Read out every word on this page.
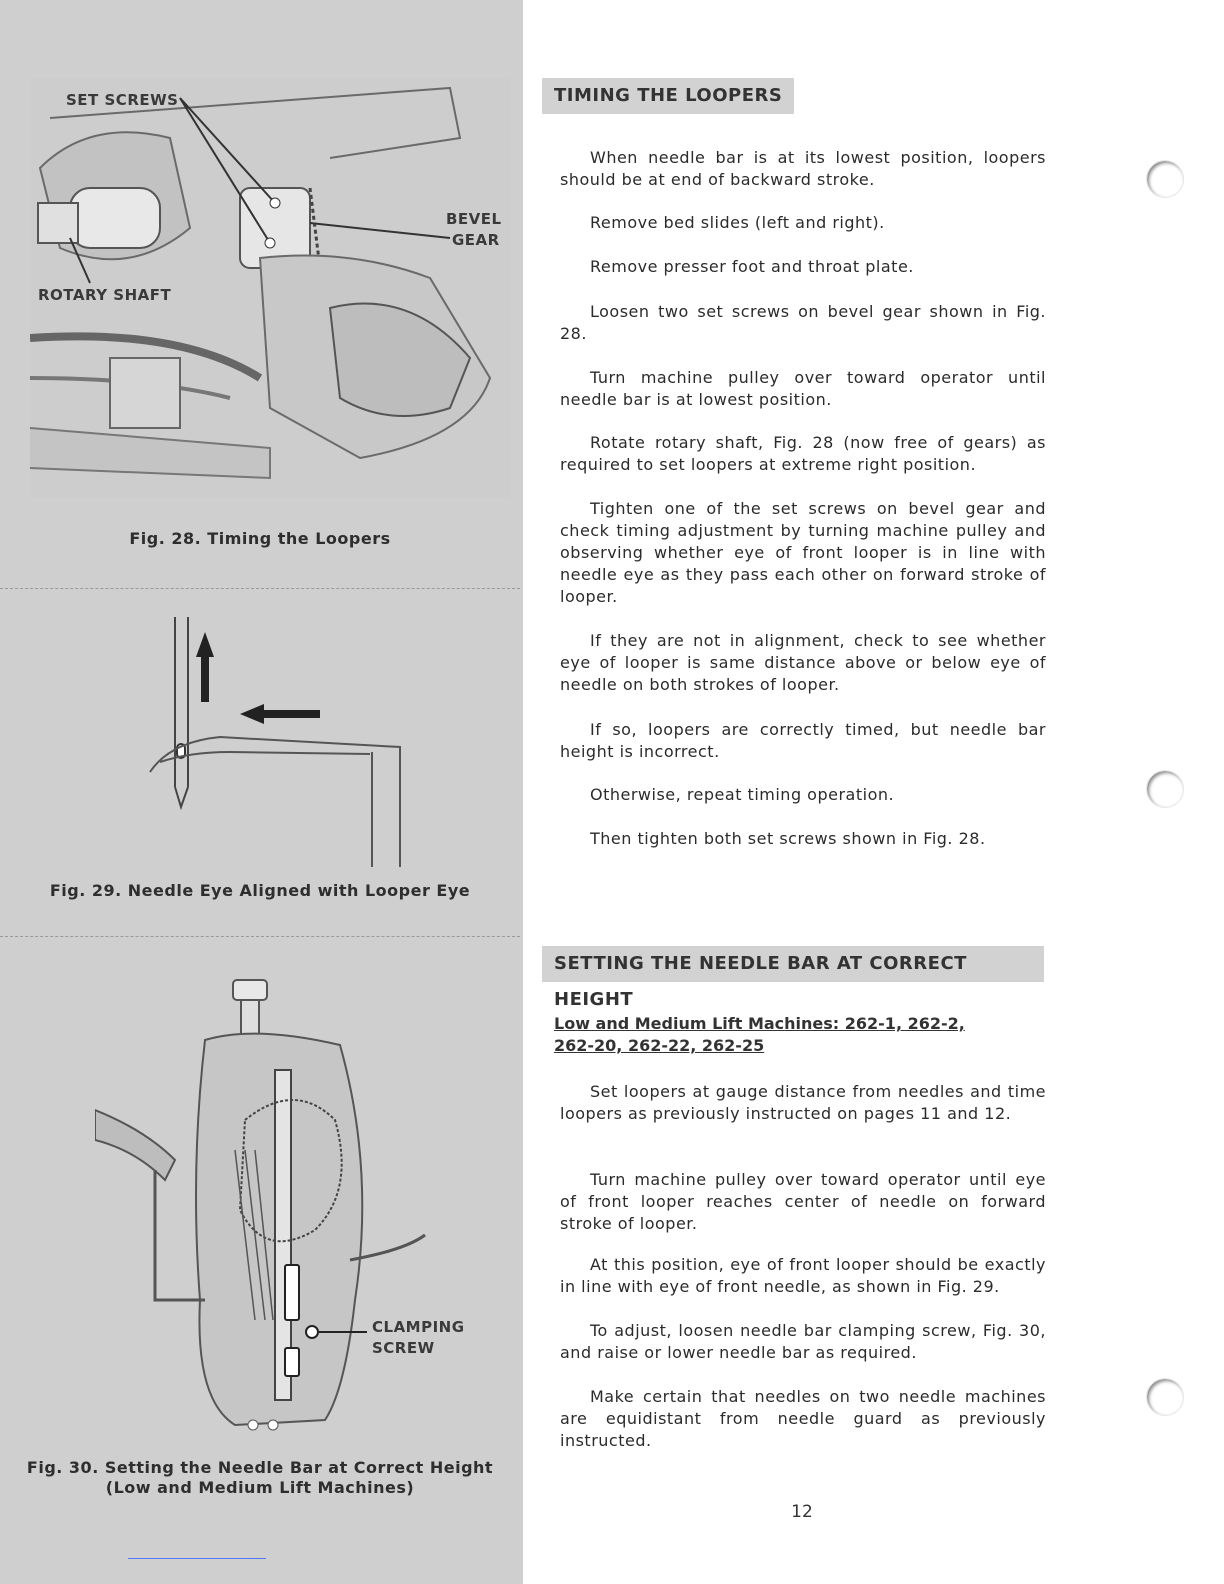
SET SCREWS
BEVEL
GEAR
ROTARY SHAFT
Fig. 28. Timing the Loopers
Fig. 29. Needle Eye Aligned with Looper Eye
CLAMPING
SCREW
Fig. 30. Setting the Needle Bar at Correct Height
(Low and Medium Lift Machines)
TIMING THE LOOPERS

When needle bar is at its lowest position, loopers should be at end of backward stroke.

Remove bed slides (left and right).

Remove presser foot and throat plate.

Loosen two set screws on bevel gear shown in Fig. 28.

Turn machine pulley over toward operator until needle bar is at lowest position.

Rotate rotary shaft, Fig. 28 (now free of gears) as required to set loopers at extreme right position.

Tighten one of the set screws on bevel gear and check timing adjustment by turning machine pulley and observing whether eye of front looper is in line with needle eye as they pass each other on forward stroke of looper.

If they are not in alignment, check to see whether eye of looper is same distance above or below eye of needle on both strokes of looper.

If so, loopers are correctly timed, but needle bar height is incorrect.

Otherwise, repeat timing operation.

Then tighten both set screws shown in Fig. 28.

SETTING THE NEEDLE BAR AT CORRECT HEIGHT
Low and Medium Lift Machines: 262-1, 262-2,
262-20, 262-22, 262-25

Set loopers at gauge distance from needles and time loopers as previously instructed on pages 11 and 12.

Turn machine pulley over toward operator until eye of front looper reaches center of needle on forward stroke of looper.

At this position, eye of front looper should be exactly in line with eye of front needle, as shown in Fig. 29.

To adjust, loosen needle bar clamping screw, Fig. 30, and raise or lower needle bar as required.

Make certain that needles on two needle machines are equidistant from needle guard as previously instructed.

12
